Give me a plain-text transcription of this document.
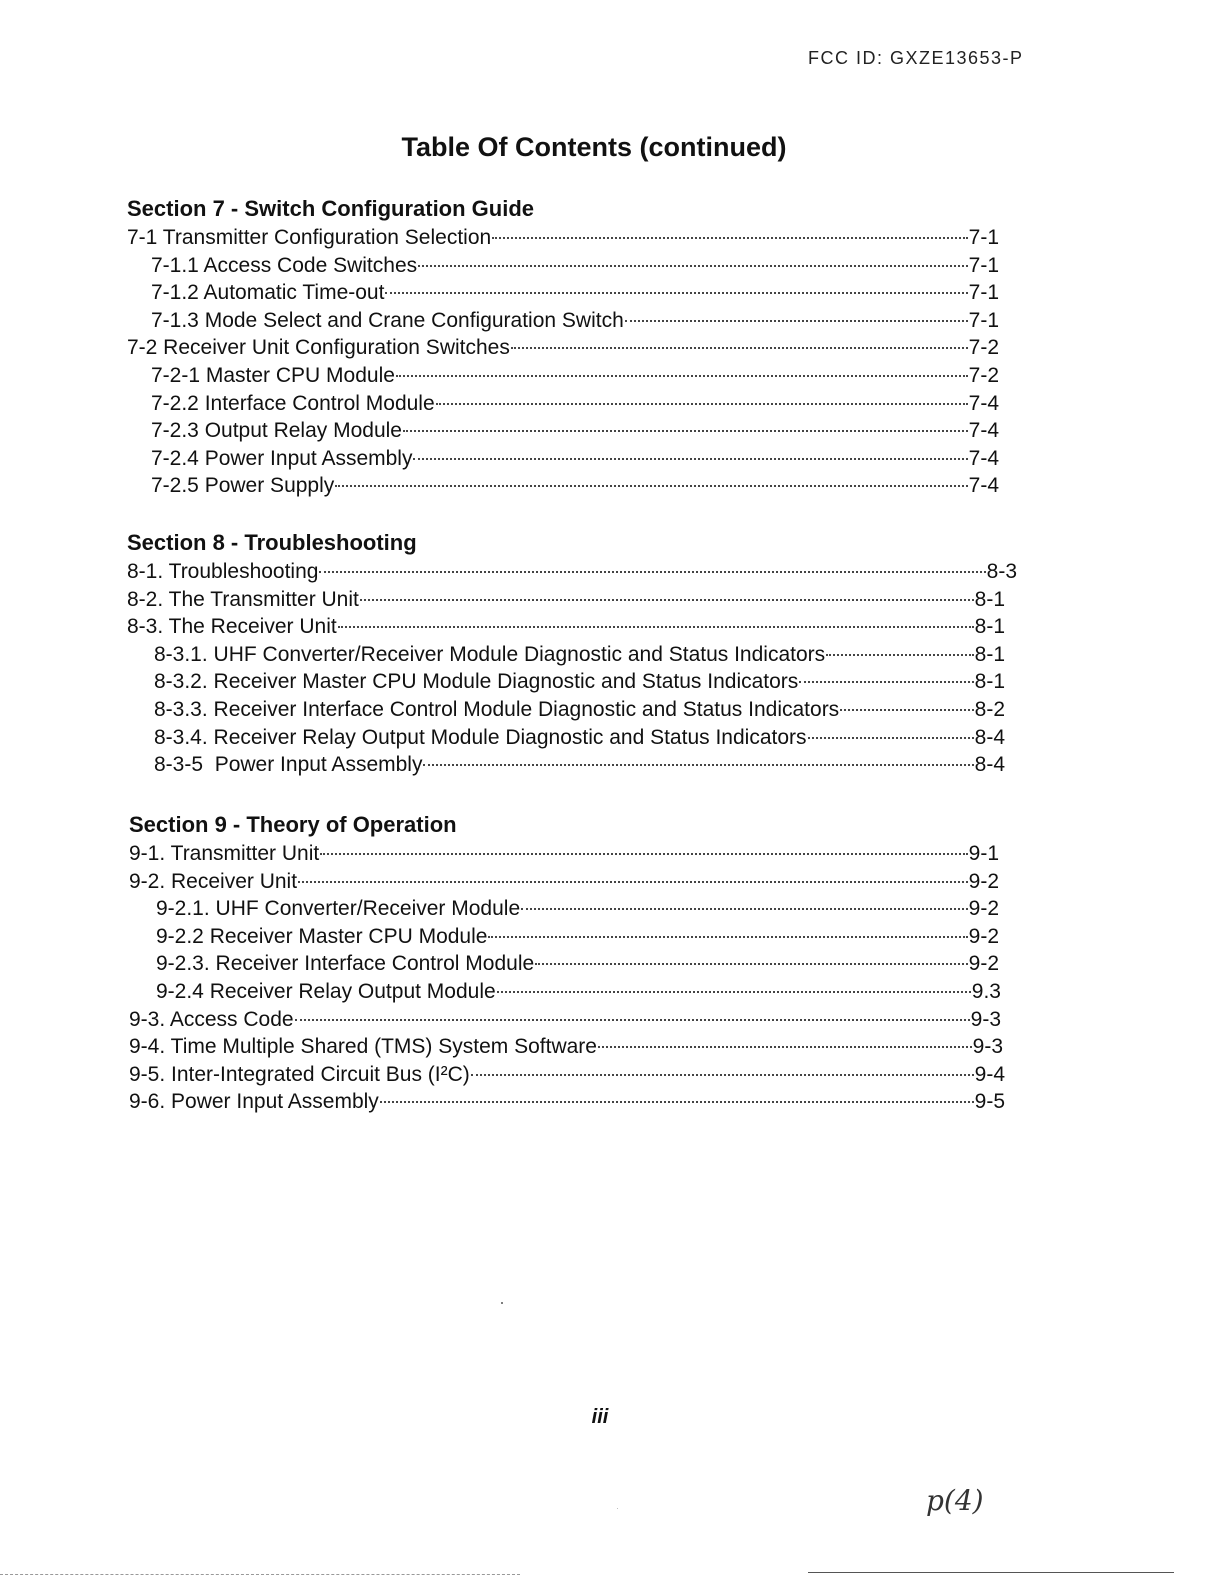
FCC ID: GXZE13653-P
Table Of Contents (continued)
Section 7 - Switch Configuration Guide
7-1 Transmitter Configuration Selection	7-1
7-1.1 Access Code Switches	7-1
7-1.2 Automatic Time-out	7-1
7-1.3 Mode Select and Crane Configuration Switch	7-1
7-2 Receiver Unit Configuration Switches	7-2
7-2-1 Master CPU Module	7-2
7-2.2 Interface Control Module	7-4
7-2.3 Output Relay Module	7-4
7-2.4 Power Input Assembly	7-4
7-2.5 Power Supply	7-4
Section 8 - Troubleshooting
8-1. Troubleshooting	8-3
8-2. The Transmitter Unit	8-1
8-3. The Receiver Unit	8-1
8-3.1. UHF Converter/Receiver Module Diagnostic and Status Indicators	8-1
8-3.2. Receiver Master CPU Module Diagnostic and Status Indicators	8-1
8-3.3. Receiver Interface Control Module Diagnostic and Status Indicators	8-2
8-3.4. Receiver Relay Output Module Diagnostic and Status Indicators	8-4
8-3-5  Power Input Assembly	8-4
Section 9 - Theory of Operation
9-1. Transmitter Unit	9-1
9-2. Receiver Unit	9-2
9-2.1. UHF Converter/Receiver Module	9-2
9-2.2 Receiver Master CPU Module	9-2
9-2.3. Receiver Interface Control Module	9-2
9-2.4 Receiver Relay Output Module	9.3
9-3. Access Code	9-3
9-4. Time Multiple Shared (TMS) System Software	9-3
9-5. Inter-Integrated Circuit Bus (I²C)	9-4
9-6. Power Input Assembly	9-5
iii
p(4)
